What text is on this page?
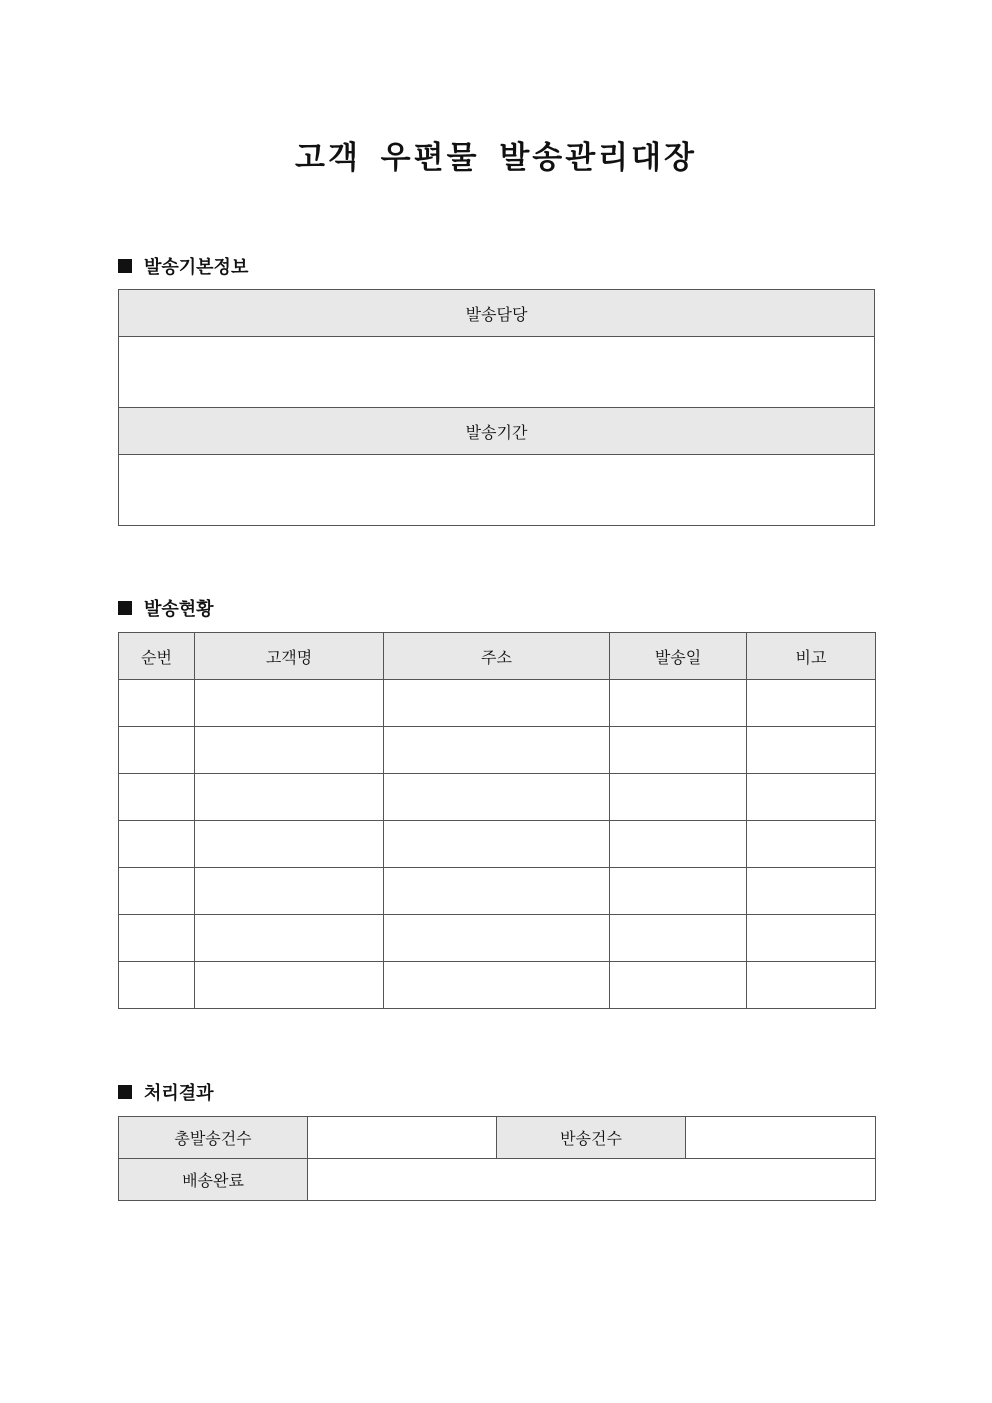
고객 우편물 발송관리대장
발송기본정보
발송담당

발송기간

발송현황
순번	고객명	주소	발송일	비고

처리결과
총발송건수		반송건수	
배송완료			
